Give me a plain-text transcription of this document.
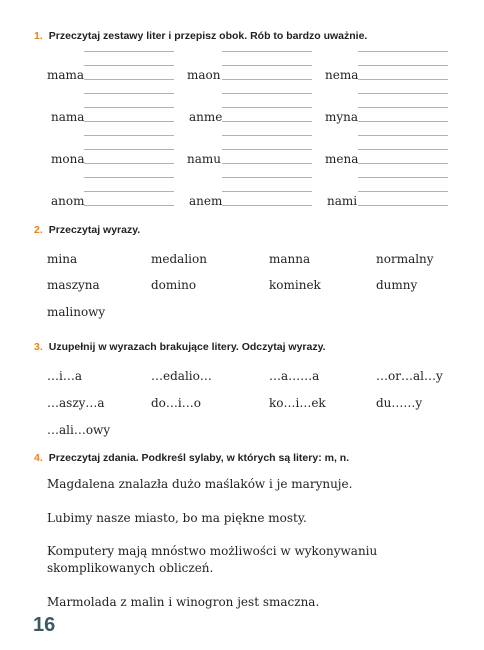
1. Przeczytaj zestawy liter i przepisz obok. Rób to bardzo uważnie.
mama	maon	nema
nama	anme	myna
mona	namu	mena
anom	anem	nami
2. Przeczytaj wyrazy.
mina	medalion	manna	normalny
maszyna	domino	kominek	dumny
malinowy
3. Uzupełnij w wyrazach brakujące litery. Odczytaj wyrazy.
…i…a	…edalio…	…a……a	…or…al…y
…aszy…a	do…i…o	ko…i…ek	du……y
…ali…owy
4. Przeczytaj zdania. Podkreśl sylaby, w których są litery: m, n.
Magdalena znalazła dużo maślaków i je marynuje.
Lubimy nasze miasto, bo ma piękne mosty.
Komputery mają mnóstwo możliwości w wykonywaniu skomplikowanych obliczeń.
Marmolada z malin i winogron jest smaczna.
16
